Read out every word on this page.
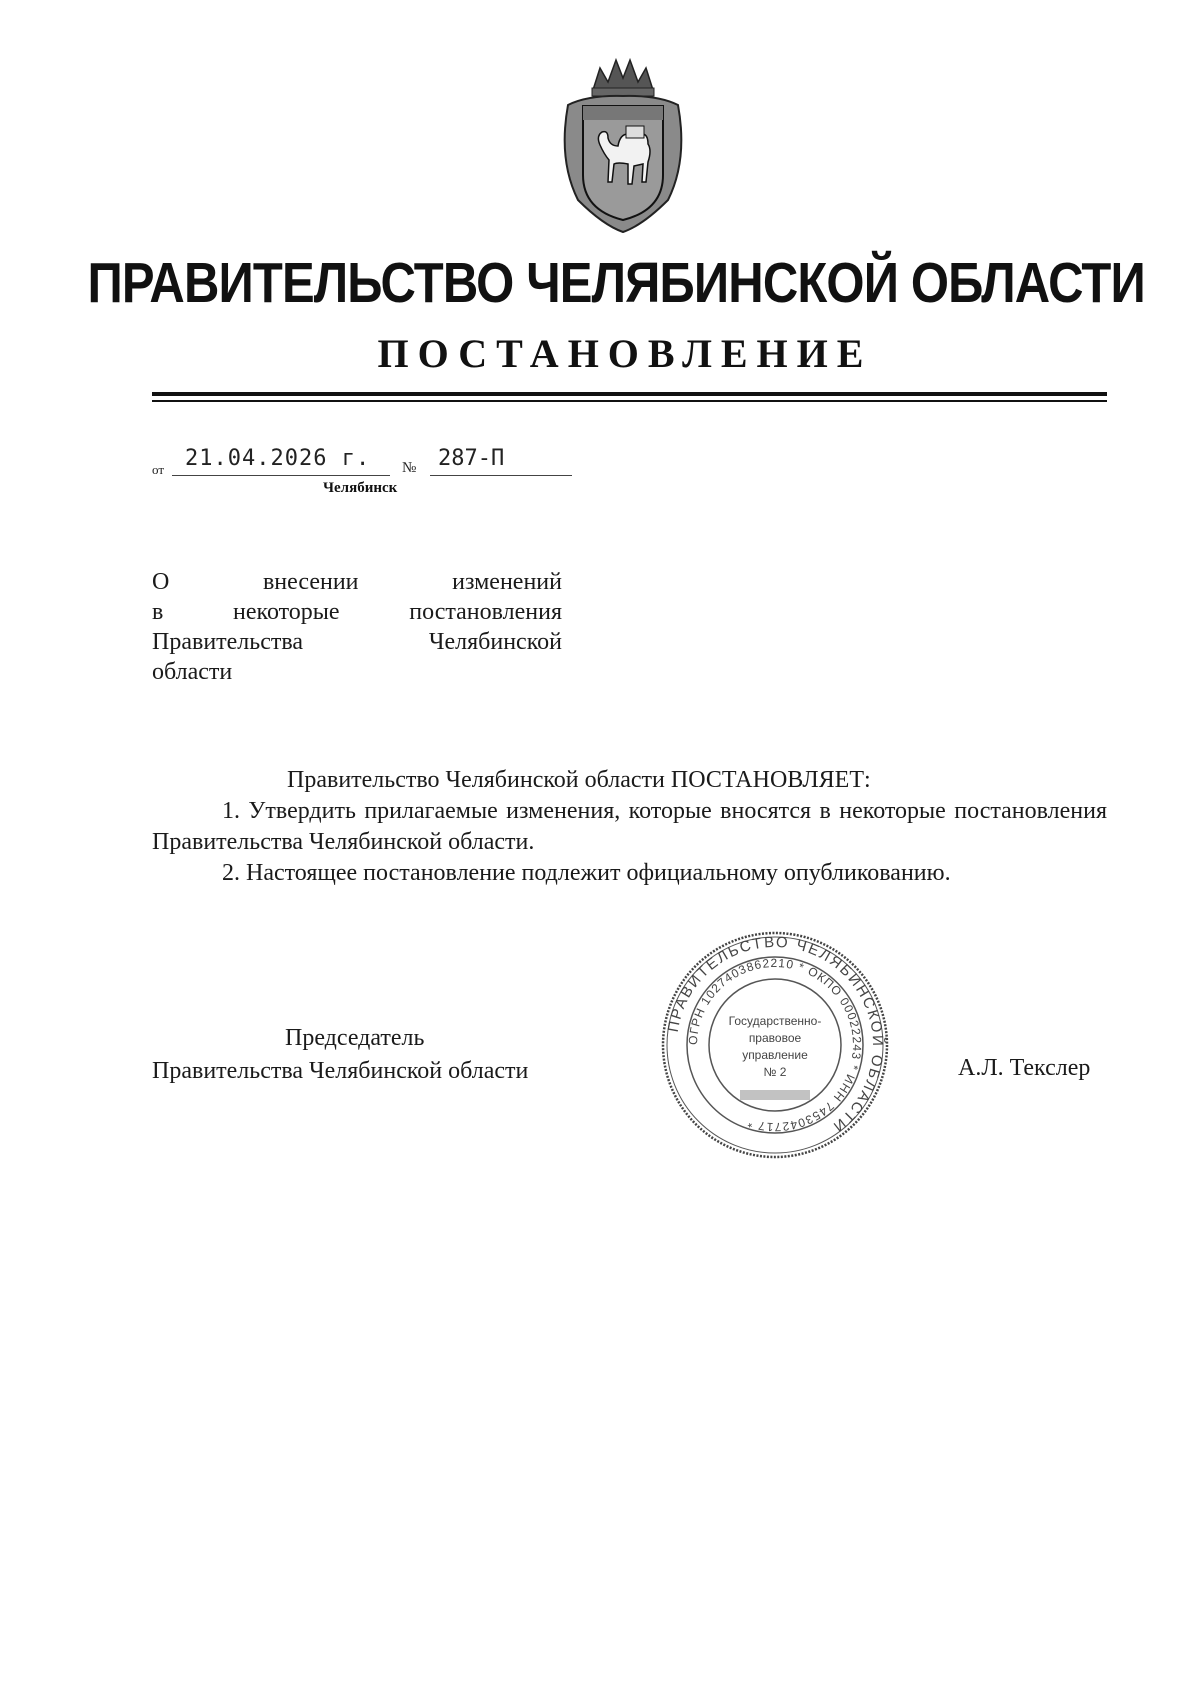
ПРАВИТЕЛЬСТВО ЧЕЛЯБИНСКОЙ ОБЛАСТИ
ПОСТАНОВЛЕНИЕ
от 21.04.2026 г. № 287-П
Челябинск
О внесении изменений
в некоторые постановления
Правительства Челябинской
области
Правительство Челябинской области ПОСТАНОВЛЯЕТ:
1. Утвердить прилагаемые изменения, которые вносятся в некоторые постановления Правительства Челябинской области.
2. Настоящее постановление подлежит официальному опубликованию.
Председатель
Правительства Челябинской области	А.Л. Текслер
ПРАВИТЕЛЬСТВО ЧЕЛЯБИНСКОЙ ОБЛАСТИ
ОГРН 1027403862210 * ОКПО 00022243 * ИНН 7453042717 *
Государственно-
правовое
управление
№ 2
